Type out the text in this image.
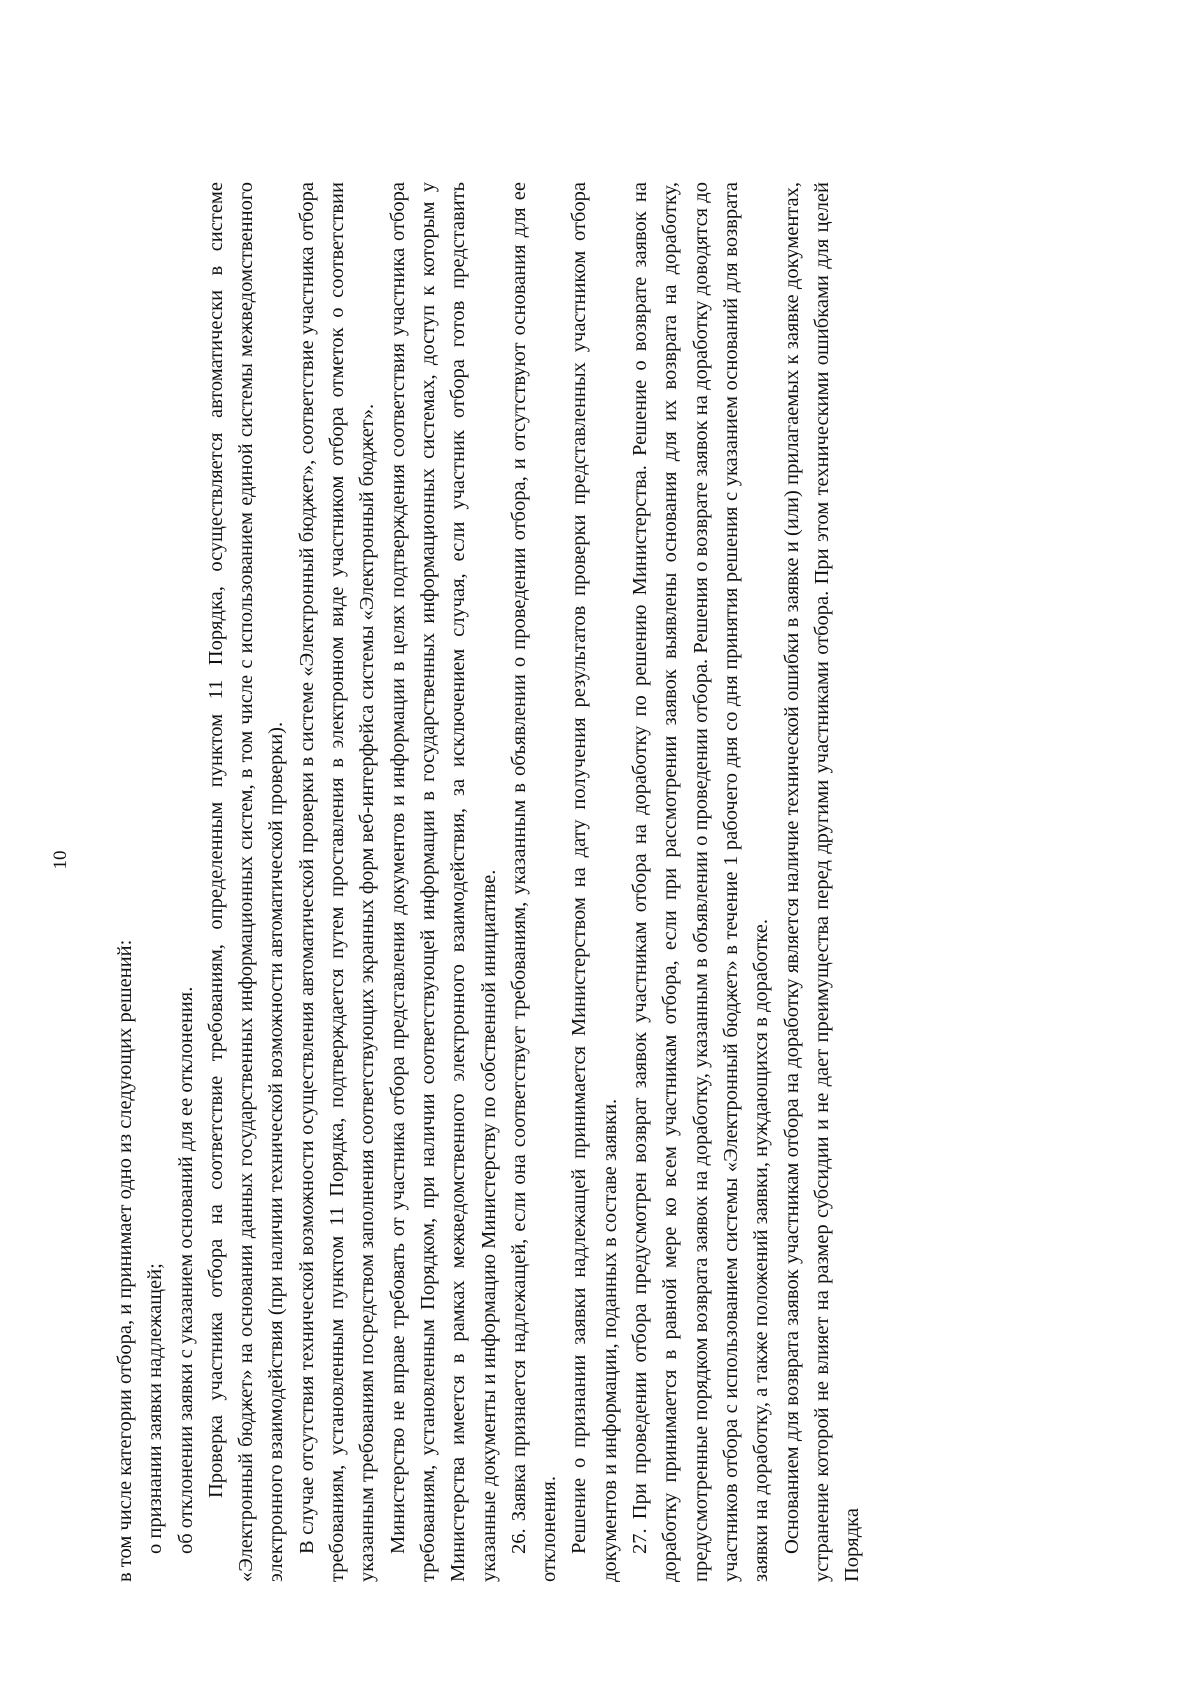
10

в том числе категории отбора, и принимает одно из следующих решений: о признании заявки надлежащей; об отклонении заявки с указанием оснований для ее отклонения. Проверка участника отбора на соответствие требованиям, определенным пунктом 11 Порядка, осуществляется автоматически в системе «Электронный бюджет» на основании данных государственных информационных систем, в том числе с использованием единой системы межведомственного электронного взаимодействия (при наличии технической возможности автоматической проверки). В случае отсутствия технической возможности осуществления автоматической проверки в системе «Электронный бюджет», соответствие участника отбора требованиям, установленным пунктом 11 Порядка, подтверждается путем проставления в электронном виде участником отбора отметок о соответствии указанным требованиям посредством заполнения соответствующих экранных форм веб-интерфейса системы «Электронный бюджет». Министерство не вправе требовать от участника отбора представления документов и информации в целях подтверждения соответствия участника отбора требованиям, установленным Порядком, при наличии соответствующей информации в государственных информационных системах, доступ к которым у Министерства имеется в рамках межведомственного электронного взаимодействия, за исключением случая, если участник отбора готов представить указанные документы и информацию Министерству по собственной инициативе. 26. Заявка признается надлежащей, если она соответствует требованиям, указанным в объявлении о проведении отбора, и отсутствуют основания для ее отклонения. Решение о признании заявки надлежащей принимается Министерством на дату получения результатов проверки представленных участником отбора документов и информации, поданных в составе заявки. 27. При проведении отбора предусмотрен возврат заявок участникам отбора на доработку по решению Министерства. Решение о возврате заявок на доработку принимается в равной мере ко всем участникам отбора, если при рассмотрении заявок выявлены основания для их возврата на доработку, предусмотренные порядком возврата заявок на доработку, указанным в объявлении о проведении отбора. Решения о возврате заявок на доработку доводятся до участников отбора с использованием системы «Электронный бюджет» в течение 1 рабочего дня со дня принятия решения с указанием оснований для возврата заявки на доработку, а также положений заявки, нуждающихся в доработке. Основанием для возврата заявок участникам отбора на доработку является наличие технической ошибки в заявке и (или) прилагаемых к заявке документах, устранение которой не влияет на размер субсидии и не дает преимущества перед другими участниками отбора. При этом техническими ошибками для целей Порядка
